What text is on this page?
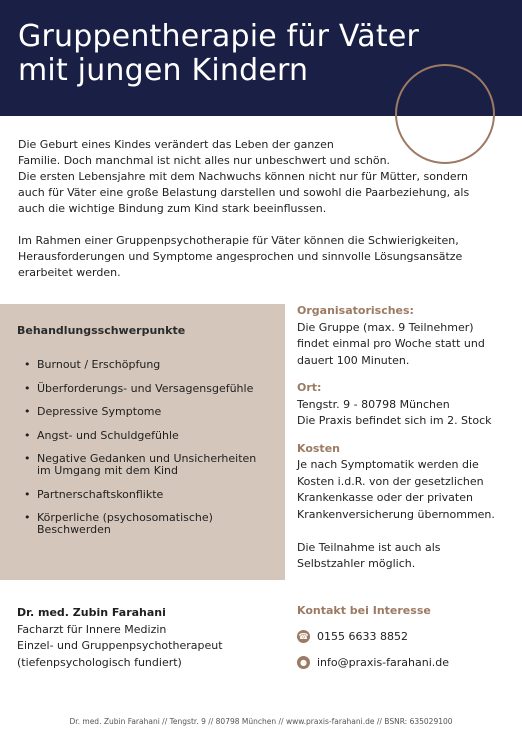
Gruppentherapie für Väter
mit jungen Kindern

Die Geburt eines Kindes verändert das Leben der ganzen
Familie. Doch manchmal ist nicht alles nur unbeschwert und schön.
Die ersten Lebensjahre mit dem Nachwuchs können nicht nur für Mütter, sondern
auch für Väter eine große Belastung darstellen und sowohl die Paarbeziehung, als
auch die wichtige Bindung zum Kind stark beeinflussen.

Im Rahmen einer Gruppenpsychotherapie für Väter können die Schwierigkeiten,
Herausforderungen und Symptome angesprochen und sinnvolle Lösungsansätze
erarbeitet werden.

Behandlungsschwerpunkte
• Burnout / Erschöpfung
• Überforderungs- und Versagensgefühle
• Depressive Symptome
• Angst- und Schuldgefühle
• Negative Gedanken und Unsicherheiten
im Umgang mit dem Kind
• Partnerschaftskonflikte
• Körperliche (psychosomatische)
Beschwerden
Organisatorisches:
Die Gruppe (max. 9 Teilnehmer)
findet einmal pro Woche statt und
dauert 100 Minuten.
Ort:
Tengstr. 9 - 80798 München
Die Praxis befindet sich im 2. Stock
Kosten
Je nach Symptomatik werden die
Kosten i.d.R. von der gesetzlichen
Krankenkasse oder der privaten
Krankenversicherung übernommen.
Die Teilnahme ist auch als
Selbstzahler möglich.
Dr. med. Zubin Farahani
Facharzt für Innere Medizin
Einzel- und Gruppenpsychotherapeut
(tiefenpsychologisch fundiert)
Kontakt bei Interesse
☎ 0155 6633 8852
● info@praxis-farahani.de
Dr. med. Zubin Farahani // Tengstr. 9 // 80798 München // www.praxis-farahani.de // BSNR: 635029100
